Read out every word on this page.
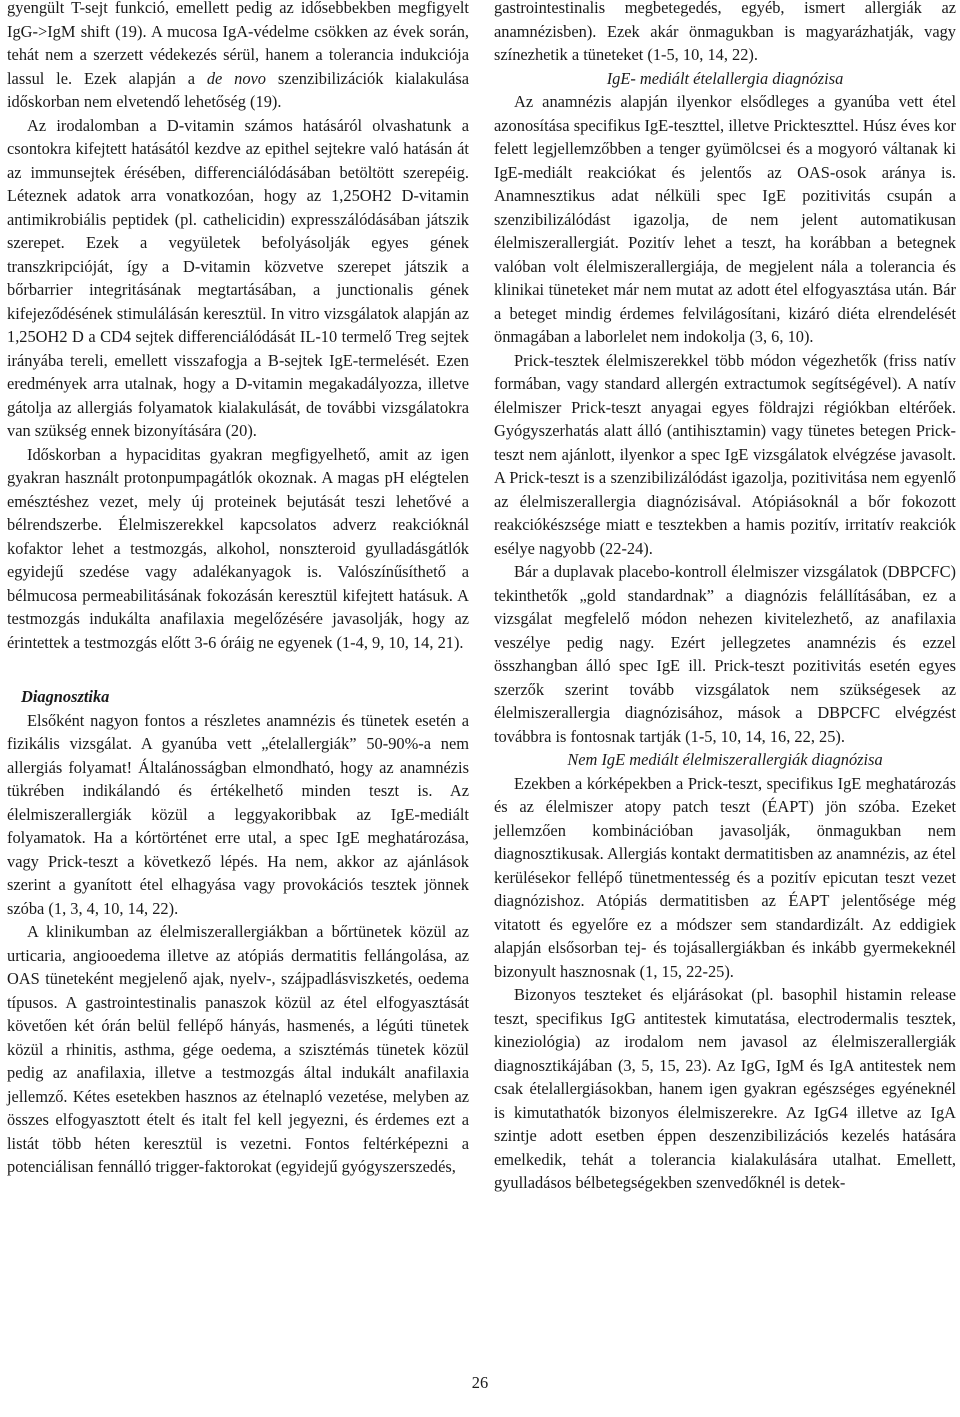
gyengült T-sejt funkció, emellett pedig az idősebbekben megfigyelt IgG->IgM shift (19). A mucosa IgA-védelme csökken az évek során, tehát nem a szerzett védekezés sérül, hanem a tolerancia indukciója lassul le. Ezek alapján a de novo szenzibilizációk kialakulása időskorban nem elvetendő lehetőség (19).

Az irodalomban a D-vitamin számos hatásáról olvashatunk a csontokra kifejtett hatásától kezdve az epithel sejtekre való hatásán át az immunsejtek érésében, differenciálódásában betöltött szerepéig. Léteznek adatok arra vonatkozóan, hogy az 1,25OH2 D-vitamin antimikrobiális peptidek (pl. cathelicidin) expresszálódásában játszik szerepet. Ezek a vegyületek befolyásolják egyes gének transzkripcióját, így a D-vitamin közvetve szerepet játszik a bőrbarrier integritásának megtartásában, a junctionalis gének kifejeződésének stimulálásán keresztül. In vitro vizsgálatok alapján az 1,25OH2 D a CD4 sejtek differenciálódását IL-10 termelő Treg sejtek irányába tereli, emellett visszafogja a B-sejtek IgE-termelését. Ezen eredmények arra utalnak, hogy a D-vitamin megakadályozza, illetve gátolja az allergiás folyamatok kialakulását, de további vizsgálatokra van szükség ennek bizonyítására (20).

Időskorban a hypaciditas gyakran megfigyelhető, amit az igen gyakran használt protonpumpagátlók okoznak. A magas pH elégtelen emésztéshez vezet, mely új proteinek bejutását teszi lehetővé a bélrendszerbe. Élelmiszerekkel kapcsolatos adverz reakcióknál kofaktor lehet a testmozgás, alkohol, nonszteroid gyulladásgátlók egyidejű szedése vagy adalékanyagok is. Valószínűsíthető a bélmucosa permeabilitásának fokozásán keresztül kifejtett hatásuk. A testmozgás indukálta anafilaxia megelőzésére javasolják, hogy az érintettek a testmozgás előtt 3-6 óráig ne egyenek (1-4, 9, 10, 14, 21).

Diagnosztika

Elsőként nagyon fontos a részletes anamnézis és tünetek esetén a fizikális vizsgálat. A gyanúba vett „ételallergiák” 50-90%-a nem allergiás folyamat! Általánosságban elmondható, hogy az anamnézis tükrében indikálandó és értékelhető minden teszt is. Az élelmiszerallergiák közül a leggyakoribbak az IgE-mediált folyamatok. Ha a kórtörténet erre utal, a spec IgE meghatározása, vagy Prick-teszt a következő lépés. Ha nem, akkor az ajánlások szerint a gyanított étel elhagyása vagy provokációs tesztek jönnek szóba (1, 3, 4, 10, 14, 22).

A klinikumban az élelmiszerallergiákban a bőrtünetek közül az urticaria, angiooedema illetve az atópiás dermatitis fellángolása, az OAS tüneteként megjelenő ajak, nyelv-, szájpadlásviszketés, oedema típusos. A gastrointestinalis panaszok közül az étel elfogyasztását követően két órán belül fellépő hányás, hasmenés, a légúti tünetek közül a rhinitis, asthma, gége oedema, a szisztémás tünetek közül pedig az anafilaxia, illetve a testmozgás által indukált anafilaxia jellemző. Kétes esetekben hasznos az ételnapló vezetése, melyben az összes elfogyasztott ételt és italt fel kell jegyezni, és érdemes ezt a listát több héten keresztül is vezetni. Fontos feltérképezni a potenciálisan fennálló trigger-faktorokat (egyidejű gyógyszerszedés,

gastrointestinalis megbetegedés, egyéb, ismert allergiák az anamnézisben). Ezek akár önmagukban is magyarázhatják, vagy színezhetik a tüneteket (1-5, 10, 14, 22).

IgE- mediált ételallergia diagnózisa

Az anamnézis alapján ilyenkor elsődleges a gyanúba vett étel azonosítása specifikus IgE-teszttel, illetve Prickteszttel. Húsz éves kor felett legjellemzőbben a tenger gyümölcsei és a mogyoró váltanak ki IgE-mediált reakciókat és jelentős az OAS-osok aránya is. Anamnesztikus adat nélküli spec IgE pozitivitás csupán a szenzibilizálódást igazolja, de nem jelent automatikusan élelmiszerallergiát. Pozitív lehet a teszt, ha korábban a betegnek valóban volt élelmiszerallergiája, de megjelent nála a tolerancia és klinikai tüneteket már nem mutat az adott étel elfogyasztása után. Bár a beteget mindig érdemes felvilágosítani, kizáró diéta elrendelését önmagában a laborlelet nem indokolja (3, 6, 10).

Prick-tesztek élelmiszerekkel több módon végezhetők (friss natív formában, vagy standard allergén extractumok segítségével). A natív élelmiszer Prick-teszt anyagai egyes földrajzi régiókban eltérőek. Gyógyszerhatás alatt álló (antihisztamin) vagy tünetes betegen Prick-teszt nem ajánlott, ilyenkor a spec IgE vizsgálatok elvégzése javasolt. A Prick-teszt is a szenzibilizálódást igazolja, pozitivitása nem egyenlő az élelmiszerallergia diagnózisával. Atópiásoknál a bőr fokozott reakciókészsége miatt e tesztekben a hamis pozitív, irritatív reakciók esélye nagyobb (22-24).

Bár a duplavak placebo-kontroll élelmiszer vizsgálatok (DBPCFC) tekinthetők „gold standardnak” a diagnózis felállításában, ez a vizsgálat megfelelő módon nehezen kivitelezhető, az anafilaxia veszélye pedig nagy. Ezért jellegzetes anamnézis és ezzel összhangban álló spec IgE ill. Prick-teszt pozitivitás esetén egyes szerzők szerint tovább vizsgálatok nem szükségesek az élelmiszerallergia diagnózisához, mások a DBPCFC elvégzést továbbra is fontosnak tartják (1-5, 10, 14, 16, 22, 25).

Nem IgE mediált élelmiszerallergiák diagnózisa

Ezekben a kórképekben a Prick-teszt, specifikus IgE meghatározás és az élelmiszer atopy patch teszt (ÉAPT) jön szóba. Ezeket jellemzően kombinációban javasolják, önmagukban nem diagnosztikusak. Allergiás kontakt dermatitisben az anamnézis, az étel kerülésekor fellépő tünetmentesség és a pozitív epicutan teszt vezet diagnózishoz. Atópiás dermatitisben az ÉAPT jelentősége még vitatott és egyelőre ez a módszer sem standardizált. Az eddigiek alapján elsősorban tej- és tojásallergiákban és inkább gyermekeknél bizonyult hasznosnak (1, 15, 22-25).

Bizonyos teszteket és eljárásokat (pl. basophil histamin release teszt, specifikus IgG antitestek kimutatása, electrodermalis tesztek, kineziológia) az irodalom nem javasol az élelmiszerallergiák diagnosztikájában (3, 5, 15, 23). Az IgG, IgM és IgA antitestek nem csak ételallergiásokban, hanem igen gyakran egészséges egyéneknél is kimutathatók bizonyos élelmiszerekre. Az IgG4 illetve az IgA szintje adott esetben éppen deszenzibilizációs kezelés hatására emelkedik, tehát a tolerancia kialakulására utalhat. Emellett, gyulladásos bélbetegségekben szenvedőknél is detek-

26
